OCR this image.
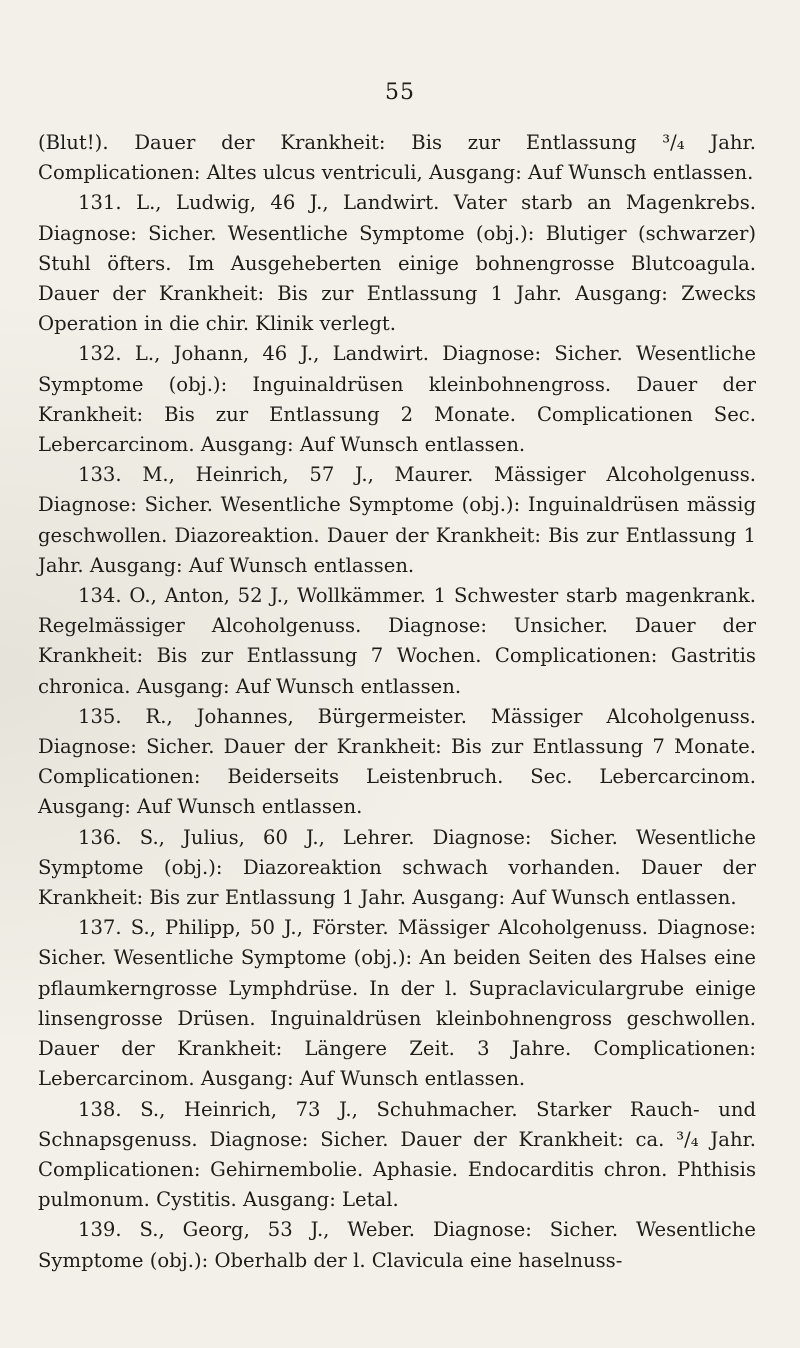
55

(Blut!). Dauer der Krankheit: Bis zur Entlassung ³/₄ Jahr. Complicationen: Altes ulcus ventriculi, Ausgang: Auf Wunsch entlassen.

131. L., Ludwig, 46 J., Landwirt. Vater starb an Magenkrebs. Diagnose: Sicher. Wesentliche Symptome (obj.): Blutiger (schwarzer) Stuhl öfters. Im Ausgeheberten einige bohnengrosse Blutcoagula. Dauer der Krankheit: Bis zur Entlassung 1 Jahr. Ausgang: Zwecks Operation in die chir. Klinik verlegt.

132. L., Johann, 46 J., Landwirt. Diagnose: Sicher. Wesentliche Symptome (obj.): Inguinaldrüsen kleinbohnengross. Dauer der Krankheit: Bis zur Entlassung 2 Monate. Complicationen Sec. Lebercarcinom. Ausgang: Auf Wunsch entlassen.

133. M., Heinrich, 57 J., Maurer. Mässiger Alcoholgenuss. Diagnose: Sicher. Wesentliche Symptome (obj.): Inguinaldrüsen mässig geschwollen. Diazoreaktion. Dauer der Krankheit: Bis zur Entlassung 1 Jahr. Ausgang: Auf Wunsch entlassen.

134. O., Anton, 52 J., Wollkämmer. 1 Schwester starb magenkrank. Regelmässiger Alcoholgenuss. Diagnose: Unsicher. Dauer der Krankheit: Bis zur Entlassung 7 Wochen. Complicationen: Gastritis chronica. Ausgang: Auf Wunsch entlassen.

135. R., Johannes, Bürgermeister. Mässiger Alcoholgenuss. Diagnose: Sicher. Dauer der Krankheit: Bis zur Entlassung 7 Monate. Complicationen: Beiderseits Leistenbruch. Sec. Lebercarcinom. Ausgang: Auf Wunsch entlassen.

136. S., Julius, 60 J., Lehrer. Diagnose: Sicher. Wesentliche Symptome (obj.): Diazoreaktion schwach vorhanden. Dauer der Krankheit: Bis zur Entlassung 1 Jahr. Ausgang: Auf Wunsch entlassen.

137. S., Philipp, 50 J., Förster. Mässiger Alcoholgenuss. Diagnose: Sicher. Wesentliche Symptome (obj.): An beiden Seiten des Halses eine pflaumkerngrosse Lymphdrüse. In der l. Supraclaviculargrube einige linsengrosse Drüsen. Inguinaldrüsen kleinbohnengross geschwollen. Dauer der Krankheit: Längere Zeit. 3 Jahre. Complicationen: Lebercarcinom. Ausgang: Auf Wunsch entlassen.

138. S., Heinrich, 73 J., Schuhmacher. Starker Rauch- und Schnapsgenuss. Diagnose: Sicher. Dauer der Krankheit: ca. ³/₄ Jahr. Complicationen: Gehirnembolie. Aphasie. Endocarditis chron. Phthisis pulmonum. Cystitis. Ausgang: Letal.

139. S., Georg, 53 J., Weber. Diagnose: Sicher. Wesentliche Symptome (obj.): Oberhalb der l. Clavicula eine haselnuss-
